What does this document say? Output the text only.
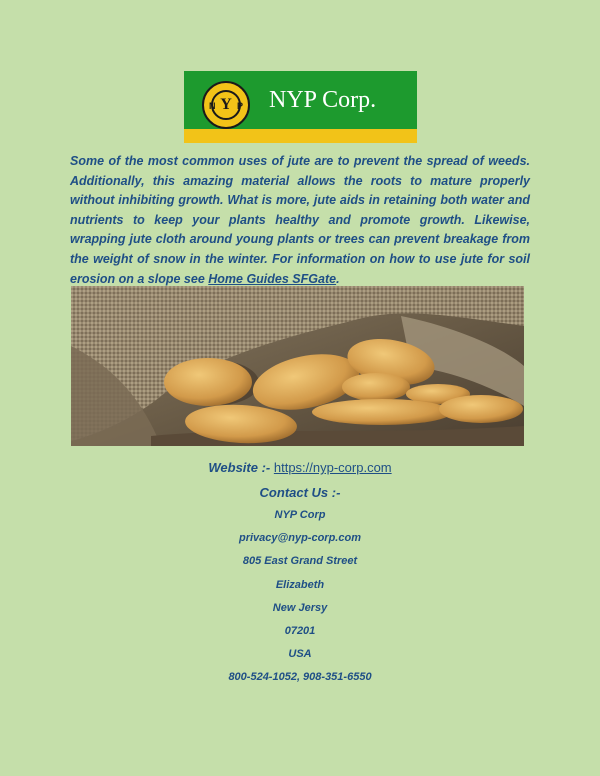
Y
N P NYP Corp.

Some of the most common uses of jute are to prevent the spread of weeds. Additionally, this amazing material allows the roots to mature properly without inhibiting growth. What is more, jute aids in retaining both water and nutrients to keep your plants healthy and promote growth. Likewise, wrapping jute cloth around young plants or trees can prevent breakage from the weight of snow in the winter. For information on how to use jute for soil erosion on a slope see Home Guides SFGate.

Website :- https://nyp-corp.com
Contact Us :-
NYP Corp
privacy@nyp-corp.com
805 East Grand Street
Elizabeth
New Jersy
07201
USA
800-524-1052, 908-351-6550
